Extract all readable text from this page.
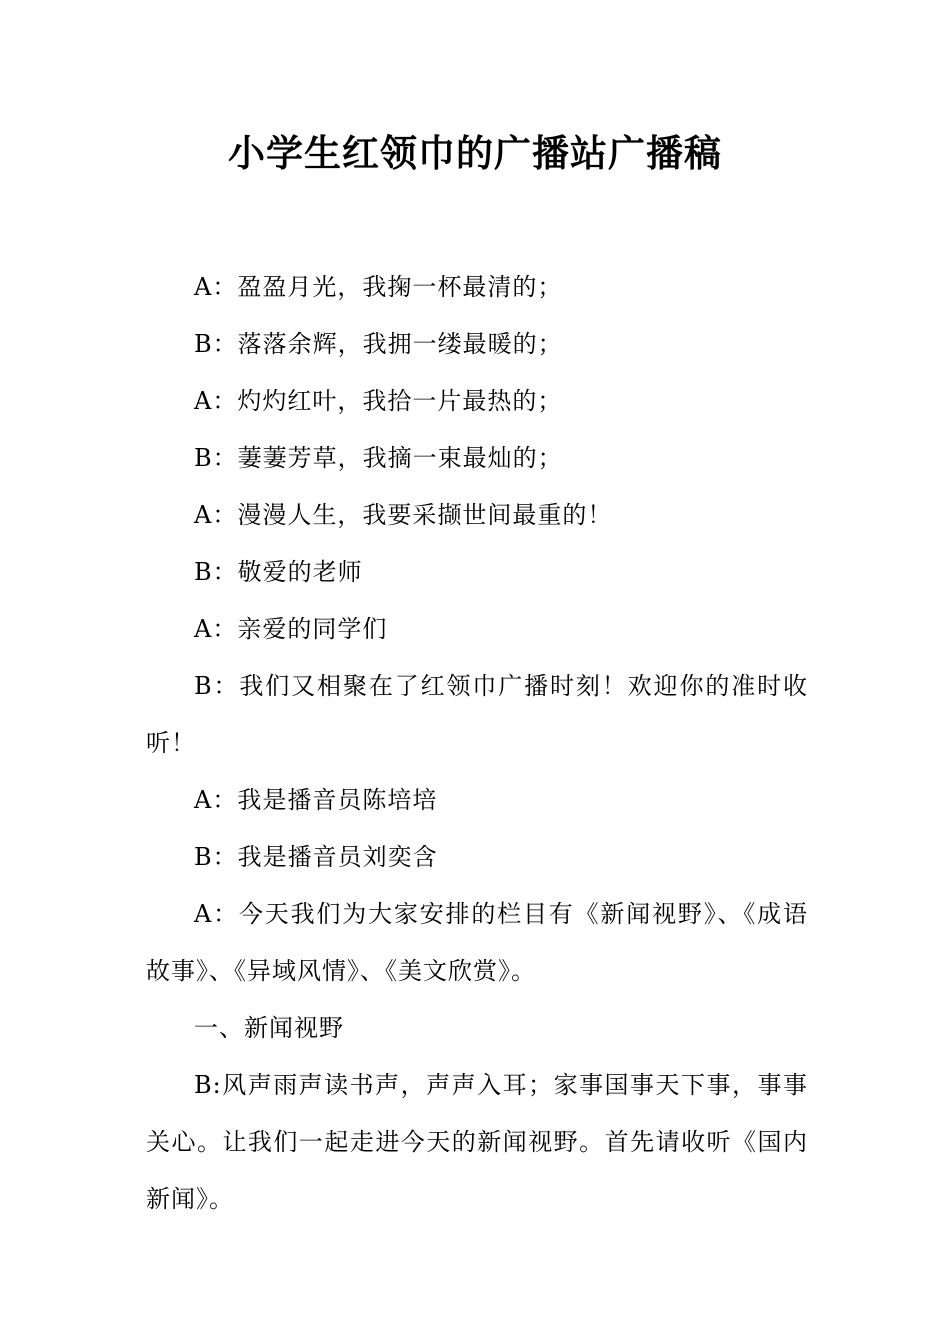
小学生红领巾的广播站广播稿

A：盈盈月光，我掬一杯最清的；

B：落落余辉，我拥一缕最暖的；

A：灼灼红叶，我拾一片最热的；

B：萋萋芳草，我摘一束最灿的；

A：漫漫人生，我要采撷世间最重的！

B：敬爱的老师

A：亲爱的同学们

B：我们又相聚在了红领巾广播时刻！欢迎你的准时收听！

A：我是播音员陈培培

B：我是播音员刘奕含

A：今天我们为大家安排的栏目有《新闻视野》、《成语故事》、《异域风情》、《美文欣赏》。

一、新闻视野

B:风声雨声读书声，声声入耳；家事国事天下事，事事关心。让我们一起走进今天的新闻视野。首先请收听《国内新闻》。
